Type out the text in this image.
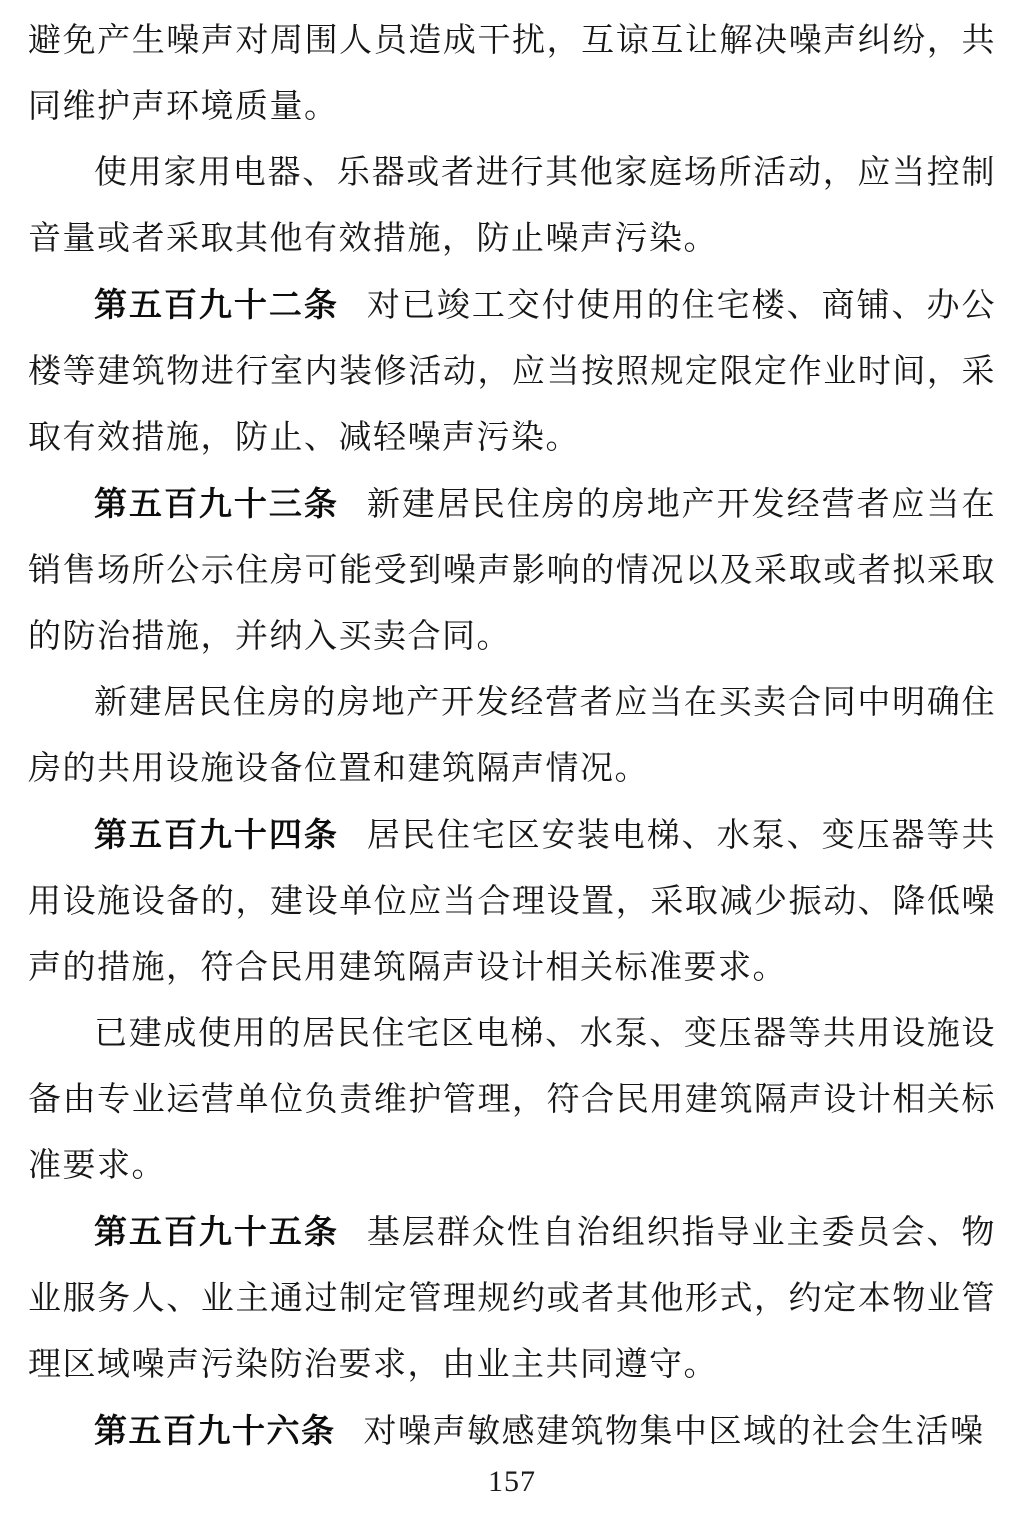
避免产生噪声对周围人员造成干扰，互谅互让解决噪声纠纷，共同维护声环境质量。

使用家用电器、乐器或者进行其他家庭场所活动，应当控制音量或者采取其他有效措施，防止噪声污染。

第五百九十二条 对已竣工交付使用的住宅楼、商铺、办公楼等建筑物进行室内装修活动，应当按照规定限定作业时间，采取有效措施，防止、减轻噪声污染。

第五百九十三条 新建居民住房的房地产开发经营者应当在销售场所公示住房可能受到噪声影响的情况以及采取或者拟采取的防治措施，并纳入买卖合同。

新建居民住房的房地产开发经营者应当在买卖合同中明确住房的共用设施设备位置和建筑隔声情况。

第五百九十四条 居民住宅区安装电梯、水泵、变压器等共用设施设备的，建设单位应当合理设置，采取减少振动、降低噪声的措施，符合民用建筑隔声设计相关标准要求。

已建成使用的居民住宅区电梯、水泵、变压器等共用设施设备由专业运营单位负责维护管理，符合民用建筑隔声设计相关标准要求。

第五百九十五条 基层群众性自治组织指导业主委员会、物业服务人、业主通过制定管理规约或者其他形式，约定本物业管理区域噪声污染防治要求，由业主共同遵守。

第五百九十六条 对噪声敏感建筑物集中区域的社会生活噪

157
